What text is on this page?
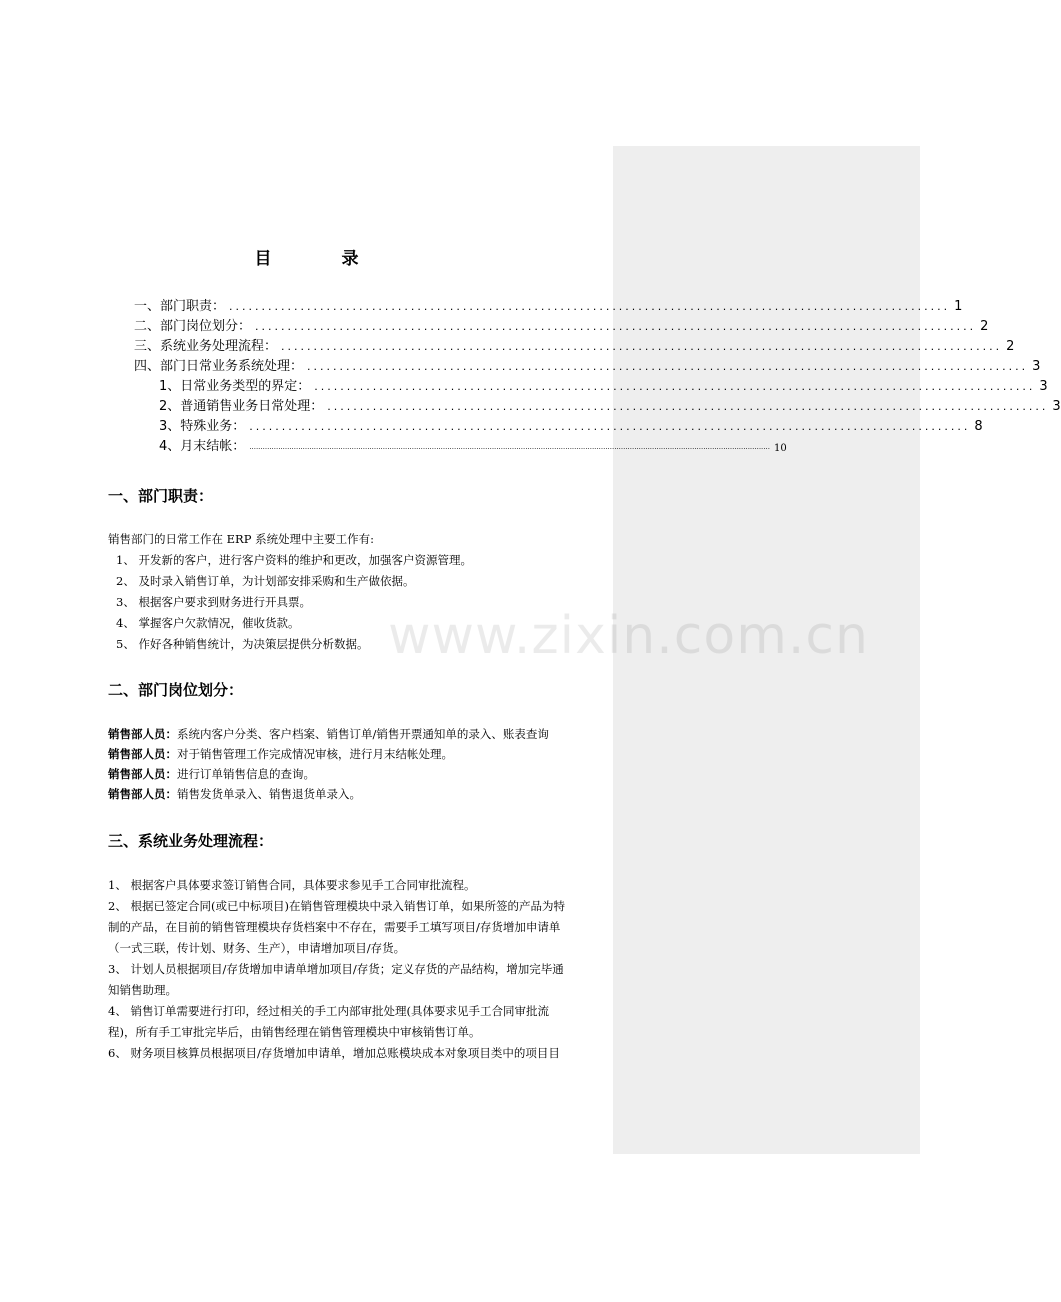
目	录
一、部门职责： ............................................................................................................... 1
二、部门岗位划分： ............................................................................................................... 2
三、系统业务处理流程： ............................................................................................................... 2
四、部门日常业务系统处理： ............................................................................................................... 3
1、日常业务类型的界定： ............................................................................................................... 3
2、普通销售业务日常处理： ............................................................................................................... 3
3、特殊业务： ............................................................................................................... 8
4、月末结帐： .......................................................................................................................................................................................................................................... 10
一、部门职责：
销售部门的日常工作在 ERP 系统处理中主要工作有:
1、 开发新的客户，进行客户资料的维护和更改，加强客户资源管理。
2、 及时录入销售订单，为计划部安排采购和生产做依据。
3、 根据客户要求到财务进行开具票。
4、 掌握客户欠款情况，催收货款。
5、 作好各种销售统计，为决策层提供分析数据。
二、部门岗位划分：
销售部人员：系统内客户分类、客户档案、销售订单/销售开票通知单的录入、账表查询
销售部人员：对于销售管理工作完成情况审核，进行月末结帐处理。
销售部人员：进行订单销售信息的查询。
销售部人员：销售发货单录入、销售退货单录入。
三、系统业务处理流程：
1、 根据客户具体要求签订销售合同，具体要求参见手工合同审批流程。
2、 根据已签定合同(或已中标项目)在销售管理模块中录入销售订单，如果所签的产品为特
制的产品，在目前的销售管理模块存货档案中不存在，需要手工填写项目/存货增加申请单
（一式三联，传计划、财务、生产），申请增加项目/存货。
3、 计划人员根据项目/存货增加申请单增加项目/存货；定义存货的产品结构，增加完毕通
知销售助理。
4、 销售订单需要进行打印，经过相关的手工内部审批处理(具体要求见手工合同审批流
程)，所有手工审批完毕后，由销售经理在销售管理模块中审核销售订单。
6、 财务项目核算员根据项目/存货增加申请单，增加总账模块成本对象项目类中的项目目
